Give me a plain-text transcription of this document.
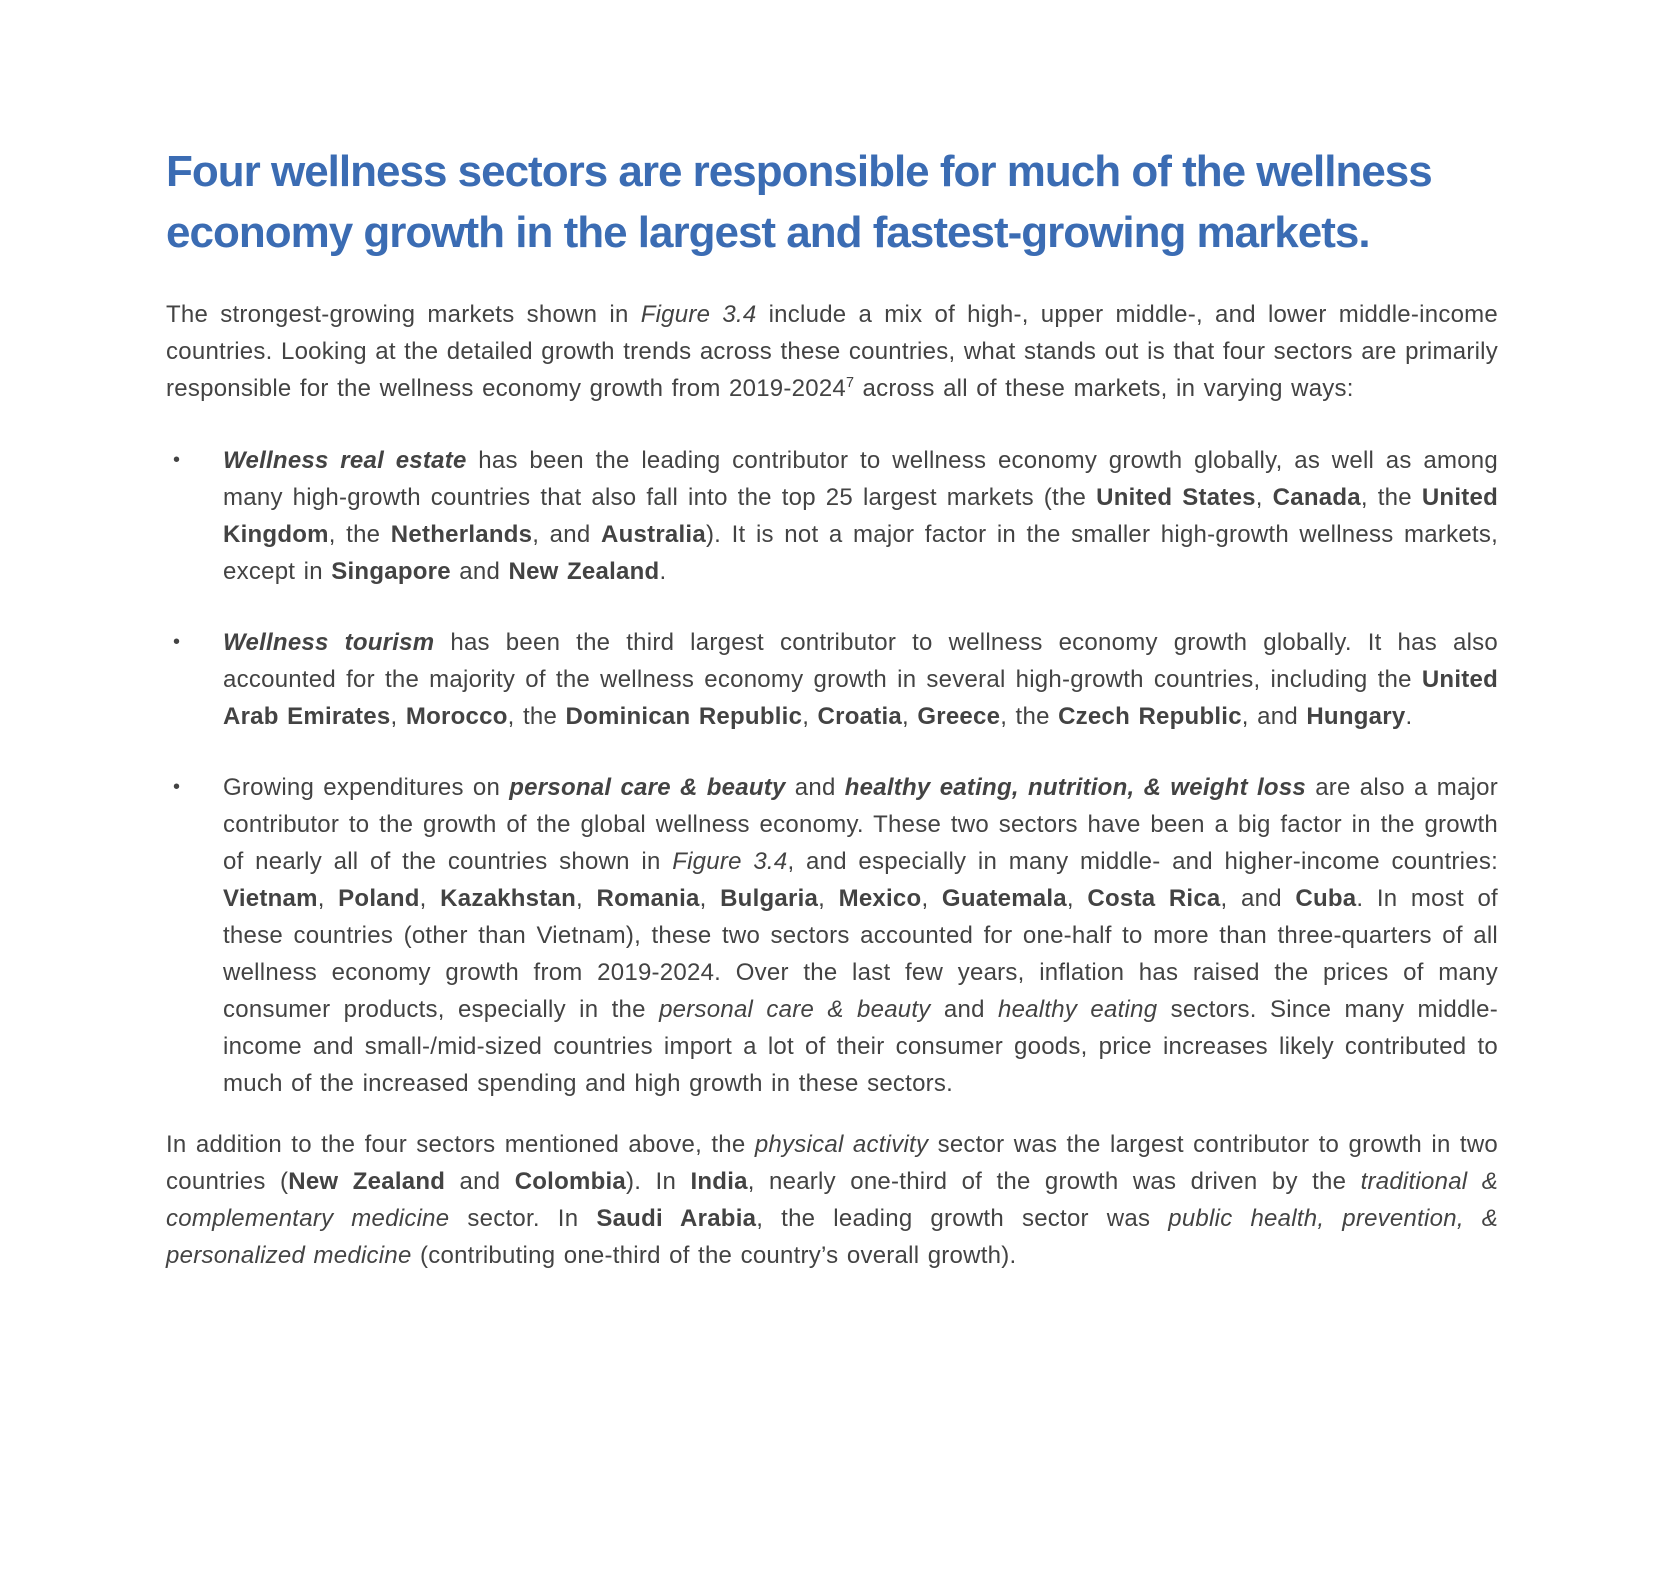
Four wellness sectors are responsible for much of the wellness
economy growth in the largest and fastest-growing markets.

The strongest-growing markets shown in Figure 3.4 include a mix of high-, upper middle-, and lower middle-income countries. Looking at the detailed growth trends across these countries, what stands out is that four sectors are primarily responsible for the wellness economy growth from 2019-2024$^7$ across all of these markets, in varying ways:

•	Wellness real estate has been the leading contributor to wellness economy growth globally, as well as among many high-growth countries that also fall into the top 25 largest markets (the United States, Canada, the United Kingdom, the Netherlands, and Australia). It is not a major factor in the smaller high-growth wellness markets, except in Singapore and New Zealand.
•	Wellness tourism has been the third largest contributor to wellness economy growth globally. It has also accounted for the majority of the wellness economy growth in several high-growth countries, including the United Arab Emirates, Morocco, the Dominican Republic, Croatia, Greece, the Czech Republic, and Hungary.
•	Growing expenditures on personal care & beauty and healthy eating, nutrition, & weight loss are also a major contributor to the growth of the global wellness economy. These two sectors have been a big factor in the growth of nearly all of the countries shown in Figure 3.4, and especially in many middle- and higher-income countries: Vietnam, Poland, Kazakhstan, Romania, Bulgaria, Mexico, Guatemala, Costa Rica, and Cuba. In most of these countries (other than Vietnam), these two sectors accounted for one-half to more than three-quarters of all wellness economy growth from 2019-2024. Over the last few years, inflation has raised the prices of many consumer products, especially in the personal care & beauty and healthy eating sectors. Since many middle-income and small-/mid-sized countries import a lot of their consumer goods, price increases likely contributed to much of the increased spending and high growth in these sectors.

In addition to the four sectors mentioned above, the physical activity sector was the largest contributor to growth in two countries (New Zealand and Colombia). In India, nearly one-third of the growth was driven by the traditional & complementary medicine sector. In Saudi Arabia, the leading growth sector was public health, prevention, & personalized medicine (contributing one-third of the country’s overall growth).
